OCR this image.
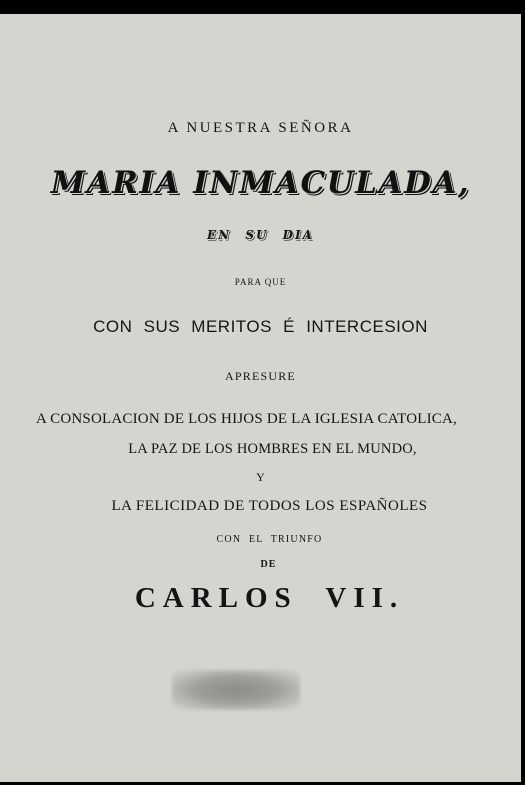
A NUESTRA SEÑORA
MARIA INMACULADA,
EN SU DIA
PARA QUE
CON SUS MERITOS É INTERCESION
APRESURE
A CONSOLACION DE LOS HIJOS DE LA IGLESIA CATOLICA,
LA PAZ DE LOS HOMBRES EN EL MUNDO,
Y
LA FELICIDAD DE TODOS LOS ESPAÑOLES
CON EL TRIUNFO
DE
CARLOS VII.
